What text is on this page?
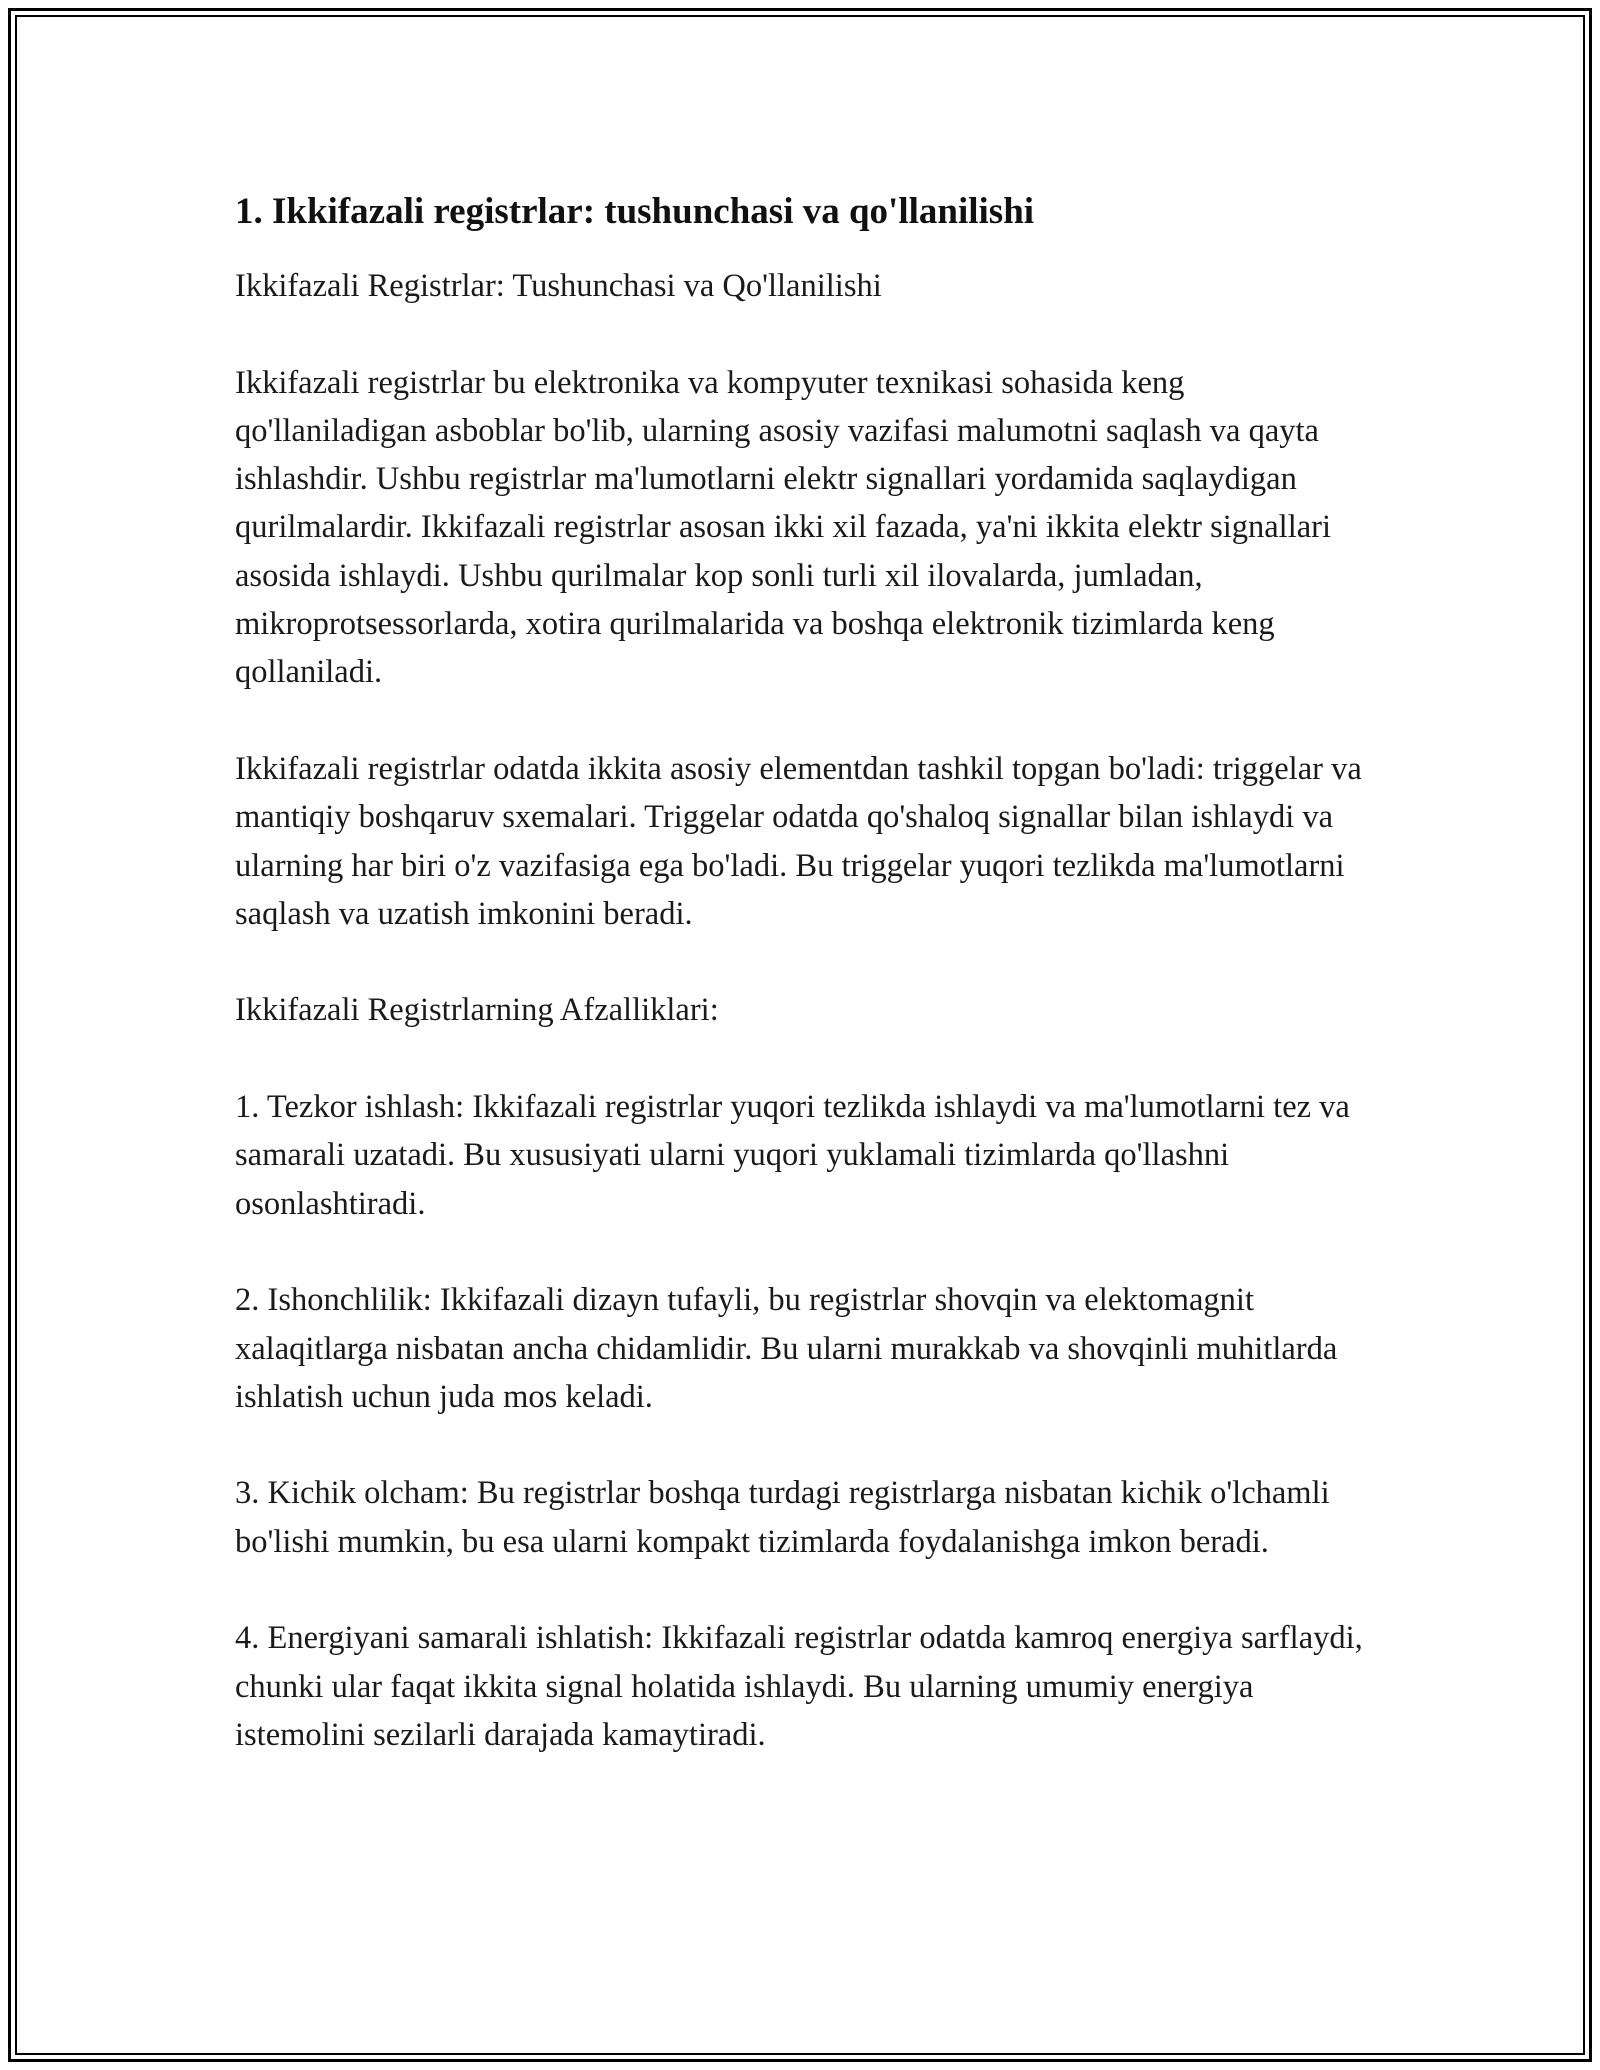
1. Ikkifazali registrlar: tushunchasi va qo'llanilishi

Ikkifazali Registrlar: Tushunchasi va Qo'llanilishi

Ikkifazali registrlar bu elektronika va kompyuter texnikasi sohasida keng qo'llaniladigan asboblar bo'lib, ularning asosiy vazifasi malumotni saqlash va qayta ishlashdir. Ushbu registrlar ma'lumotlarni elektr signallari yordamida saqlaydigan qurilmalardir. Ikkifazali registrlar asosan ikki xil fazada, ya'ni ikkita elektr signallari asosida ishlaydi. Ushbu qurilmalar kop sonli turli xil ilovalarda, jumladan, mikroprotsessorlarda, xotira qurilmalarida va boshqa elektronik tizimlarda keng qollaniladi.

Ikkifazali registrlar odatda ikkita asosiy elementdan tashkil topgan bo'ladi: triggelar va mantiqiy boshqaruv sxemalari. Triggelar odatda qo'shaloq signallar bilan ishlaydi va ularning har biri o'z vazifasiga ega bo'ladi. Bu triggelar yuqori tezlikda ma'lumotlarni saqlash va uzatish imkonini beradi.

Ikkifazali Registrlarning Afzalliklari:

1. Tezkor ishlash: Ikkifazali registrlar yuqori tezlikda ishlaydi va ma'lumotlarni tez va samarali uzatadi. Bu xususiyati ularni yuqori yuklamali tizimlarda qo'llashni osonlashtiradi.

2. Ishonchlilik: Ikkifazali dizayn tufayli, bu registrlar shovqin va elektomagnit xalaqitlarga nisbatan ancha chidamlidir. Bu ularni murakkab va shovqinli muhitlarda ishlatish uchun juda mos keladi.

3. Kichik olcham: Bu registrlar boshqa turdagi registrlarga nisbatan kichik o'lchamli bo'lishi mumkin, bu esa ularni kompakt tizimlarda foydalanishga imkon beradi.

4. Energiyani samarali ishlatish: Ikkifazali registrlar odatda kamroq energiya sarflaydi, chunki ular faqat ikkita signal holatida ishlaydi. Bu ularning umumiy energiya istemolini sezilarli darajada kamaytiradi.
